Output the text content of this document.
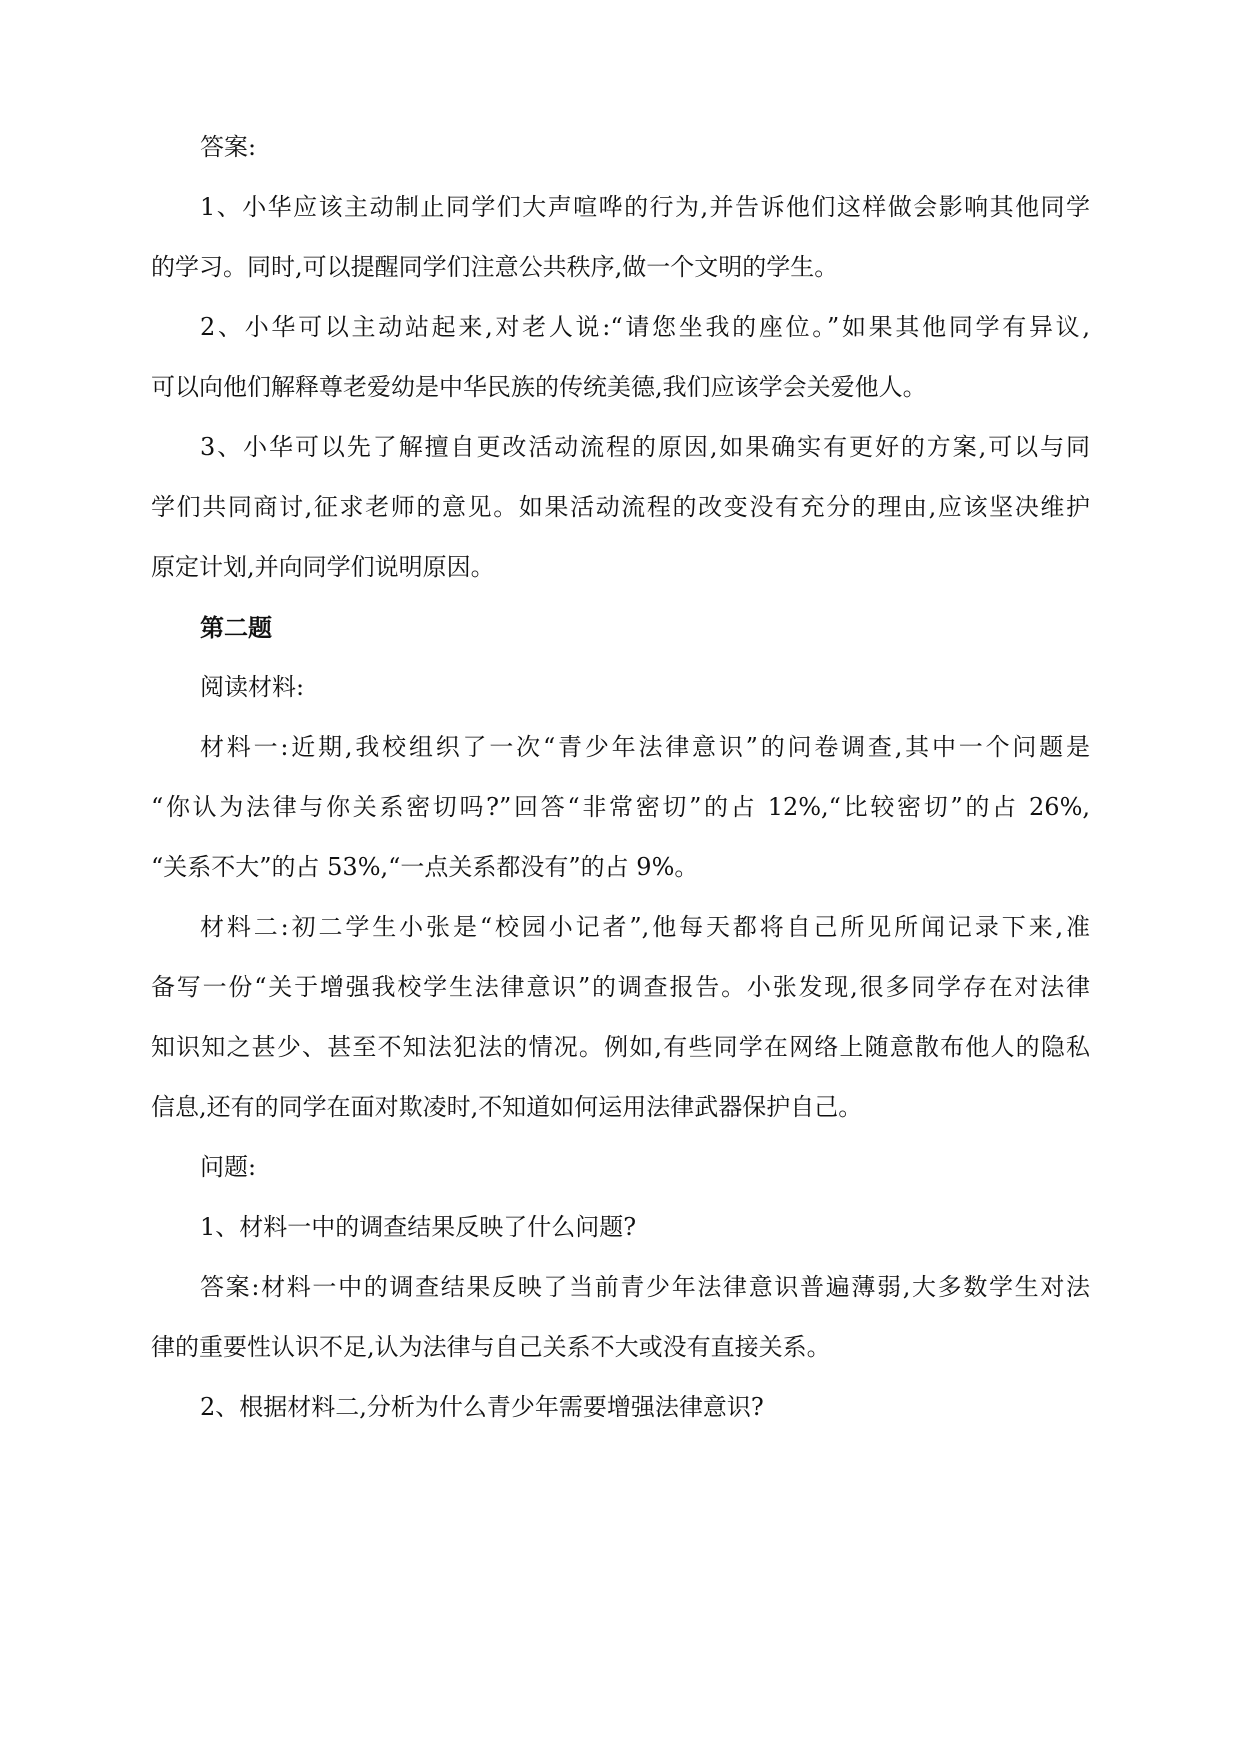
答案:
1、小华应该主动制止同学们大声喧哗的行为,并告诉他们这样做会影响其他同学
的学习。同时,可以提醒同学们注意公共秩序,做一个文明的学生。
2、小华可以主动站起来,对老人说:“请您坐我的座位。”如果其他同学有异议,
可以向他们解释尊老爱幼是中华民族的传统美德,我们应该学会关爱他人。
3、小华可以先了解擅自更改活动流程的原因,如果确实有更好的方案,可以与同
学们共同商讨,征求老师的意见。如果活动流程的改变没有充分的理由,应该坚决维护
原定计划,并向同学们说明原因。
第二题
阅读材料:
材料一:近期,我校组织了一次“青少年法律意识”的问卷调查,其中一个问题是
“你认为法律与你关系密切吗?”回答“非常密切”的占 12%,“比较密切”的占 26%,
“关系不大”的占 53%,“一点关系都没有”的占 9%。
材料二:初二学生小张是“校园小记者”,他每天都将自己所见所闻记录下来,准
备写一份“关于增强我校学生法律意识”的调查报告。小张发现,很多同学存在对法律
知识知之甚少、甚至不知法犯法的情况。例如,有些同学在网络上随意散布他人的隐私
信息,还有的同学在面对欺凌时,不知道如何运用法律武器保护自己。
问题:
1、材料一中的调查结果反映了什么问题?
答案:材料一中的调查结果反映了当前青少年法律意识普遍薄弱,大多数学生对法
律的重要性认识不足,认为法律与自己关系不大或没有直接关系。
2、根据材料二,分析为什么青少年需要增强法律意识?
